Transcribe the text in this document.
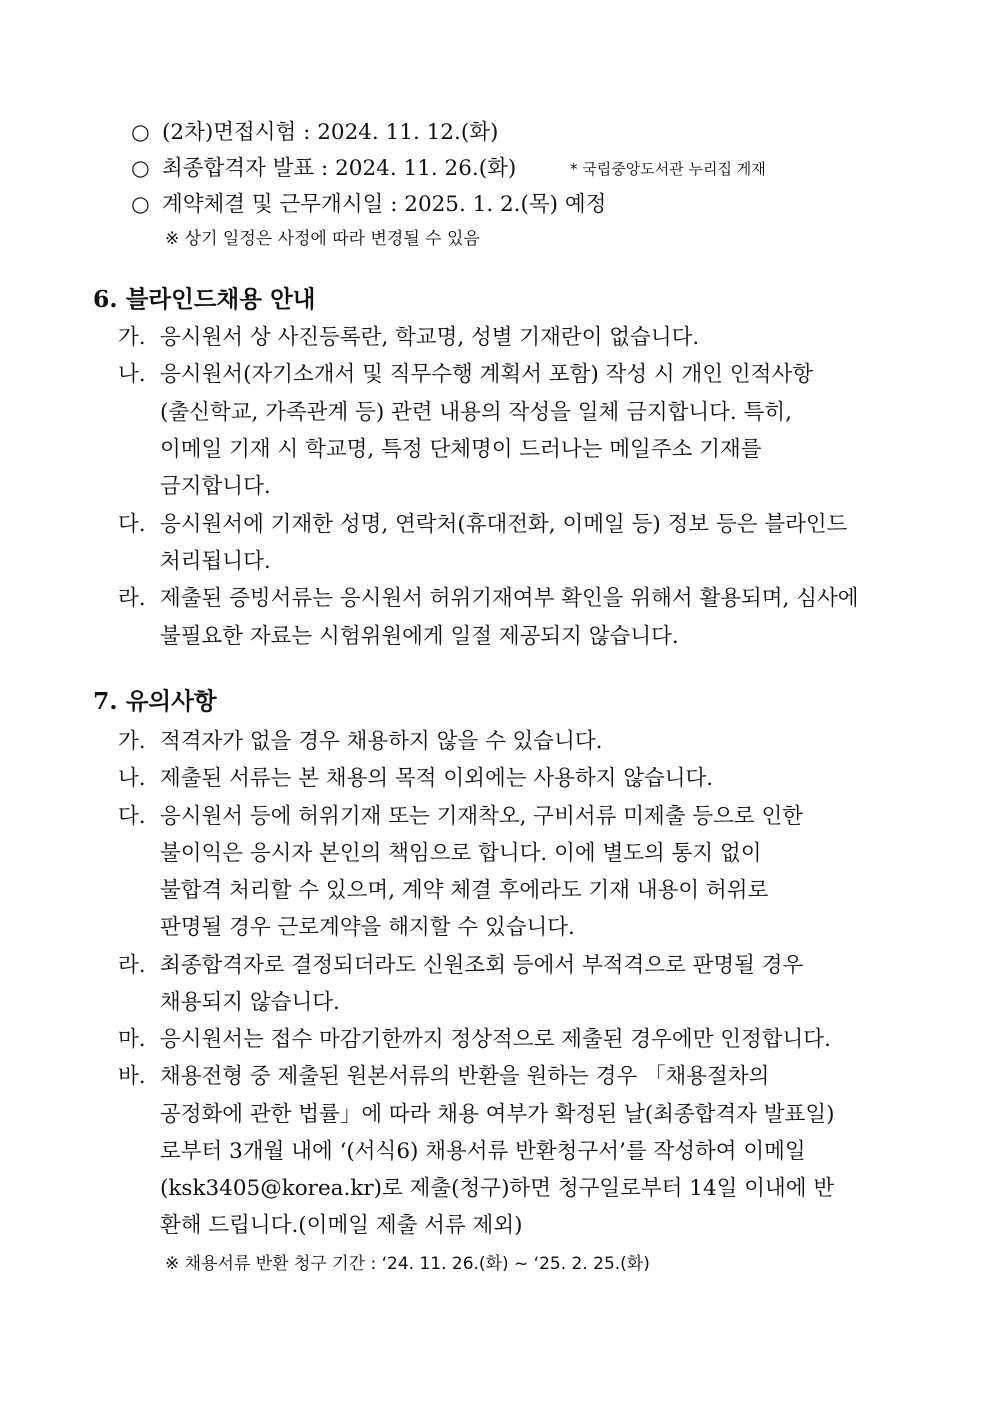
○ (2차)면접시험 : 2024. 11. 12.(화)
○ 최종합격자 발표 : 2024. 11. 26.(화)	* 국립중앙도서관 누리집 게재
○ 계약체결 및 근무개시일 : 2025. 1. 2.(목) 예정
※ 상기 일정은 사정에 따라 변경될 수 있음
6. 블라인드채용 안내
가. 응시원서 상 사진등록란, 학교명, 성별 기재란이 없습니다.
나. 응시원서(자기소개서 및 직무수행 계획서 포함) 작성 시 개인 인적사항
(출신학교, 가족관계 등) 관련 내용의 작성을 일체 금지합니다. 특히,
이메일 기재 시 학교명, 특정 단체명이 드러나는 메일주소 기재를
금지합니다.
다. 응시원서에 기재한 성명, 연락처(휴대전화, 이메일 등) 정보 등은 블라인드
처리됩니다.
라. 제출된 증빙서류는 응시원서 허위기재여부 확인을 위해서 활용되며, 심사에
불필요한 자료는 시험위원에게 일절 제공되지 않습니다.
7. 유의사항
가. 적격자가 없을 경우 채용하지 않을 수 있습니다.
나. 제출된 서류는 본 채용의 목적 이외에는 사용하지 않습니다.
다. 응시원서 등에 허위기재 또는 기재착오, 구비서류 미제출 등으로 인한
불이익은 응시자 본인의 책임으로 합니다. 이에 별도의 통지 없이
불합격 처리할 수 있으며, 계약 체결 후에라도 기재 내용이 허위로
판명될 경우 근로계약을 해지할 수 있습니다.
라. 최종합격자로 결정되더라도 신원조회 등에서 부적격으로 판명될 경우
채용되지 않습니다.
마. 응시원서는 접수 마감기한까지 정상적으로 제출된 경우에만 인정합니다.
바. 채용전형 중 제출된 원본서류의 반환을 원하는 경우 「채용절차의
공정화에 관한 법률」에 따라 채용 여부가 확정된 날(최종합격자 발표일)
로부터 3개월 내에 ‘(서식6) 채용서류 반환청구서’를 작성하여 이메일
(ksk3405@korea.kr)로 제출(청구)하면 청구일로부터 14일 이내에 반
환해 드립니다.(이메일 제출 서류 제외)
※ 채용서류 반환 청구 기간 : ‘24. 11. 26.(화) ~ ‘25. 2. 25.(화)
